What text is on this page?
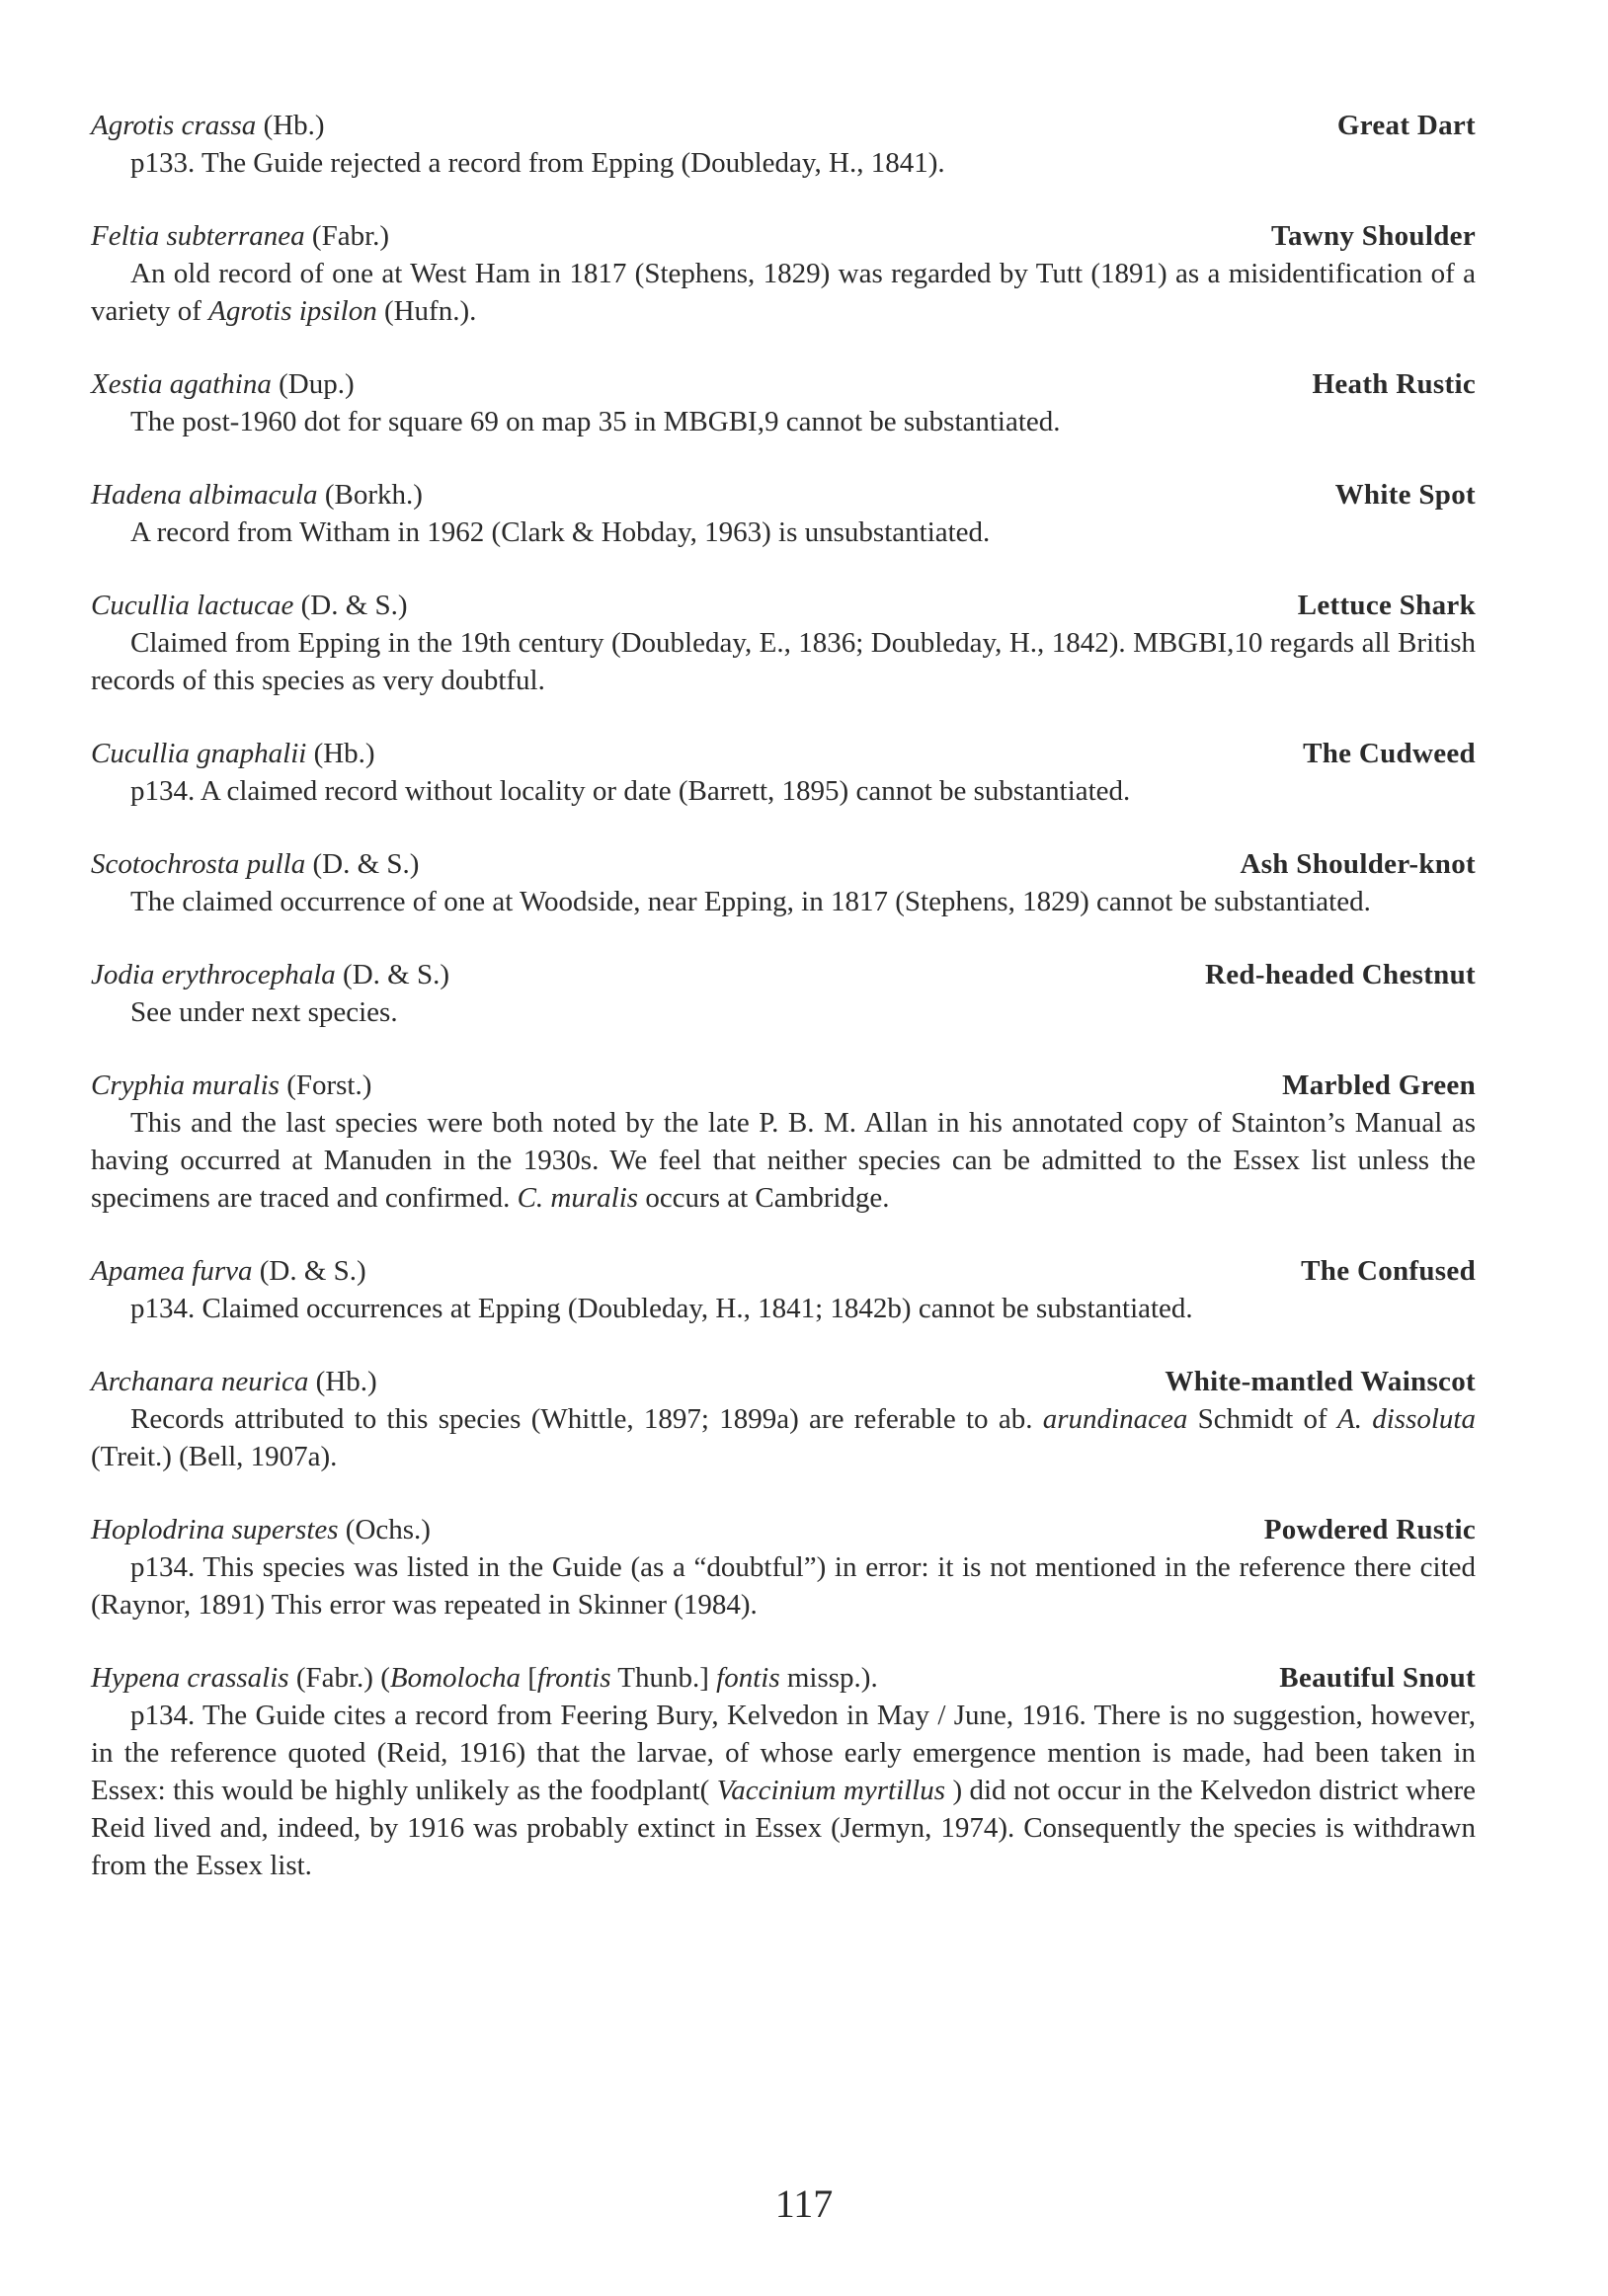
Agrotis crassa (Hb.)	Great Dart
p133. The Guide rejected a record from Epping (Doubleday, H., 1841).
Feltia subterranea (Fabr.)	Tawny Shoulder
An old record of one at West Ham in 1817 (Stephens, 1829) was regarded by Tutt (1891) as a misidentification of a variety of Agrotis ipsilon (Hufn.).
Xestia agathina (Dup.)	Heath Rustic
The post-1960 dot for square 69 on map 35 in MBGBI,9 cannot be substantiated.
Hadena albimacula (Borkh.)	White Spot
A record from Witham in 1962 (Clark & Hobday, 1963) is unsubstantiated.
Cucullia lactucae (D. & S.)	Lettuce Shark
Claimed from Epping in the 19th century (Doubleday, E., 1836; Doubleday, H., 1842). MBGBI,10 regards all British records of this species as very doubtful.
Cucullia gnaphalii (Hb.)	The Cudweed
p134. A claimed record without locality or date (Barrett, 1895) cannot be substantiated.
Scotochrosta pulla (D. & S.)	Ash Shoulder-knot
The claimed occurrence of one at Woodside, near Epping, in 1817 (Stephens, 1829) cannot be substantiated.
Jodia erythrocephala (D. & S.)	Red-headed Chestnut
See under next species.
Cryphia muralis (Forst.)	Marbled Green
This and the last species were both noted by the late P. B. M. Allan in his annotated copy of Stainton’s Manual as having occurred at Manuden in the 1930s. We feel that neither species can be admitted to the Essex list unless the specimens are traced and confirmed. C. muralis occurs at Cambridge.
Apamea furva (D. & S.)	The Confused
p134. Claimed occurrences at Epping (Doubleday, H., 1841; 1842b) cannot be substantiated.
Archanara neurica (Hb.)	White-mantled Wainscot
Records attributed to this species (Whittle, 1897; 1899a) are referable to ab. arundinacea Schmidt of A. dissoluta (Treit.) (Bell, 1907a).
Hoplodrina superstes (Ochs.)	Powdered Rustic
p134. This species was listed in the Guide (as a “doubtful”) in error: it is not mentioned in the reference there cited (Raynor, 1891) This error was repeated in Skinner (1984).
Hypena crassalis (Fabr.) (Bomolocha [frontis Thunb.] fontis missp.).	Beautiful Snout
p134. The Guide cites a record from Feering Bury, Kelvedon in May / June, 1916. There is no suggestion, however, in the reference quoted (Reid, 1916) that the larvae, of whose early emergence mention is made, had been taken in Essex: this would be highly unlikely as the foodplant( Vaccinium myrtillus ) did not occur in the Kelvedon district where Reid lived and, indeed, by 1916 was probably extinct in Essex (Jermyn, 1974). Consequently the species is withdrawn from the Essex list.
117
